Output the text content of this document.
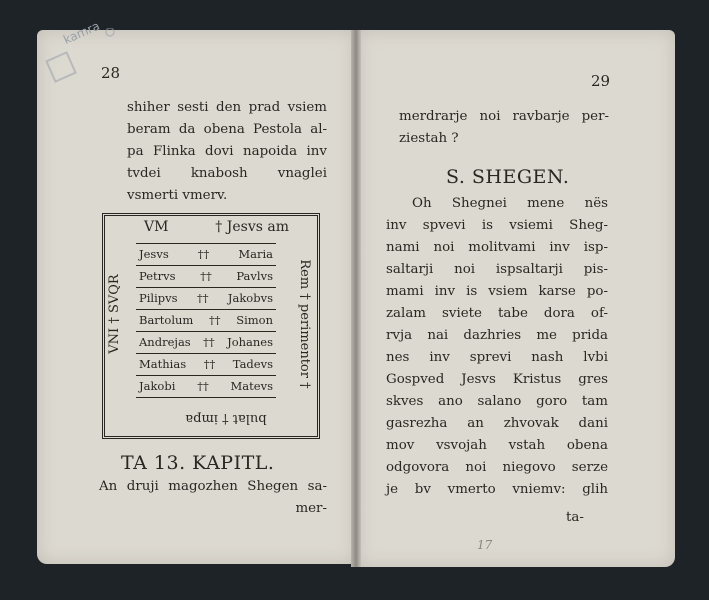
kamra
28
shiher sesti den prad vsiem
beram da obena Pestola al-
pa Flinka dovi napoida inv
tvdei knabosh vnaglei
vsmerti vmerv.
VM	† Jesvs am
VNI † SVQR	Rem † perimentor †
bulat † impa
Jesvs	††	Maria
Petrvs †† Pavlvs
Pilipvs †† Jakobvs
Bartolum †† Simon
Andrejas †† Johanes
Mathias †† Tadevs
Jakobi †† Matevs
TA 13. KAPITL.
An druji magozhen Shegen sa-
mer-
29
merdrarje noi ravbarje per-
ziestah ?
S. SHEGEN.
Oh Shegnei mene nës
inv spvevi is vsiemi Sheg-
nami noi molitvami inv isp-
saltarji noi ispsaltarji pis-
mami inv is vsiem karse po-
zalam sviete tabe dora of-
rvja nai dazhries me prida
nes inv sprevi nash lvbi
Gospved Jesvs Kristus gres
skves ano salano goro tam
gasrezha an zhvovak dani
mov vsvojah vstah obena
odgovora noi niegovo serze
je bv vmerto vniemv: glih
ta-
17
